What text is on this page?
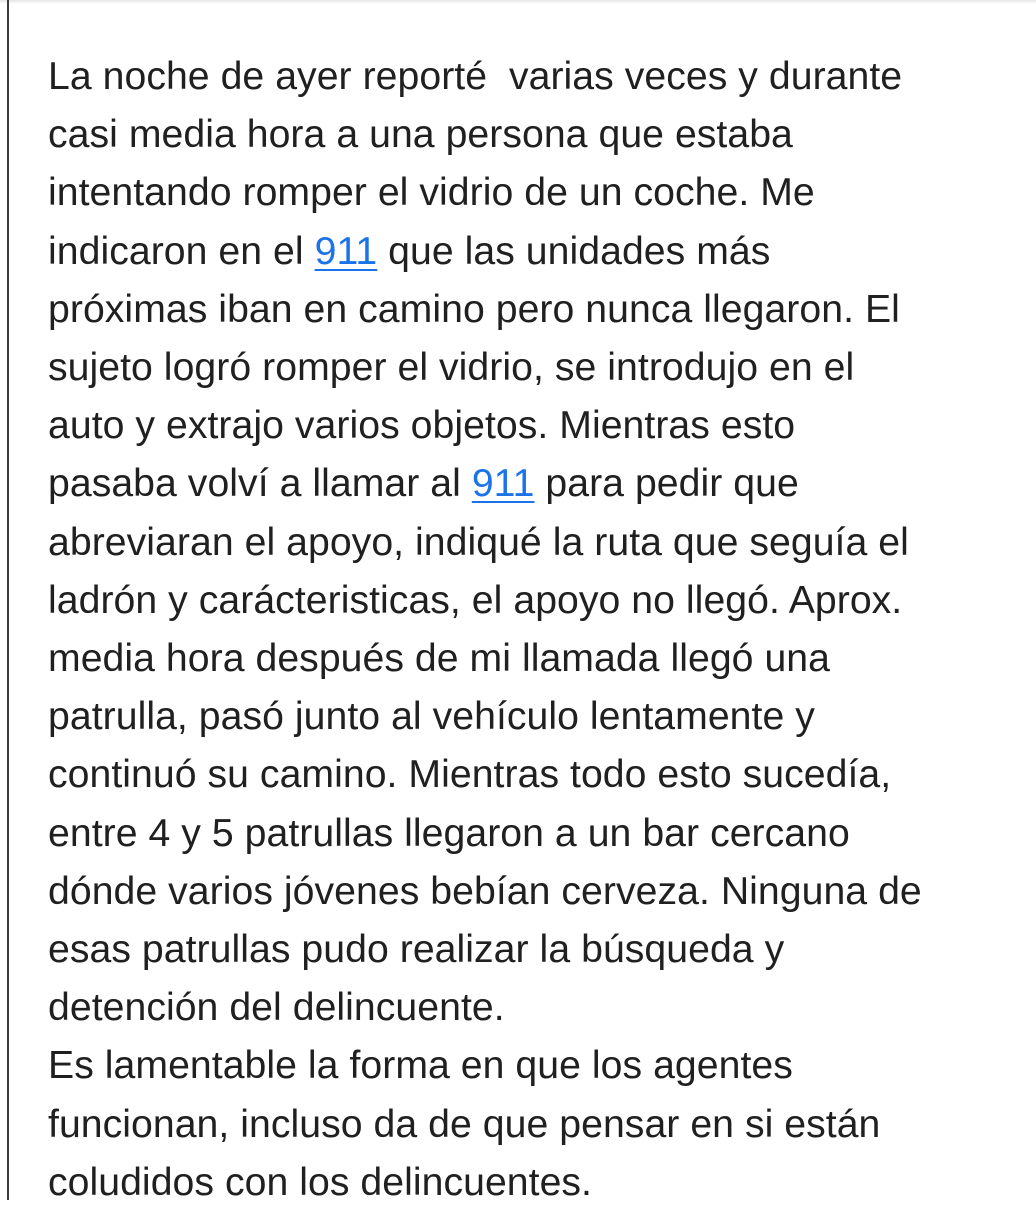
La noche de ayer reporté  varias veces y durante
casi media hora a una persona que estaba
intentando romper el vidrio de un coche. Me
indicaron en el 911 que las unidades más
próximas iban en camino pero nunca llegaron. El
sujeto logró romper el vidrio, se introdujo en el
auto y extrajo varios objetos. Mientras esto
pasaba volví a llamar al 911 para pedir que
abreviaran el apoyo, indiqué la ruta que seguía el
ladrón y carácteristicas, el apoyo no llegó. Aprox.
media hora después de mi llamada llegó una
patrulla, pasó junto al vehículo lentamente y
continuó su camino. Mientras todo esto sucedía,
entre 4 y 5 patrullas llegaron a un bar cercano
dónde varios jóvenes bebían cerveza. Ninguna de
esas patrullas pudo realizar la búsqueda y
detención del delincuente.
Es lamentable la forma en que los agentes
funcionan, incluso da de que pensar en si están
coludidos con los delincuentes.
